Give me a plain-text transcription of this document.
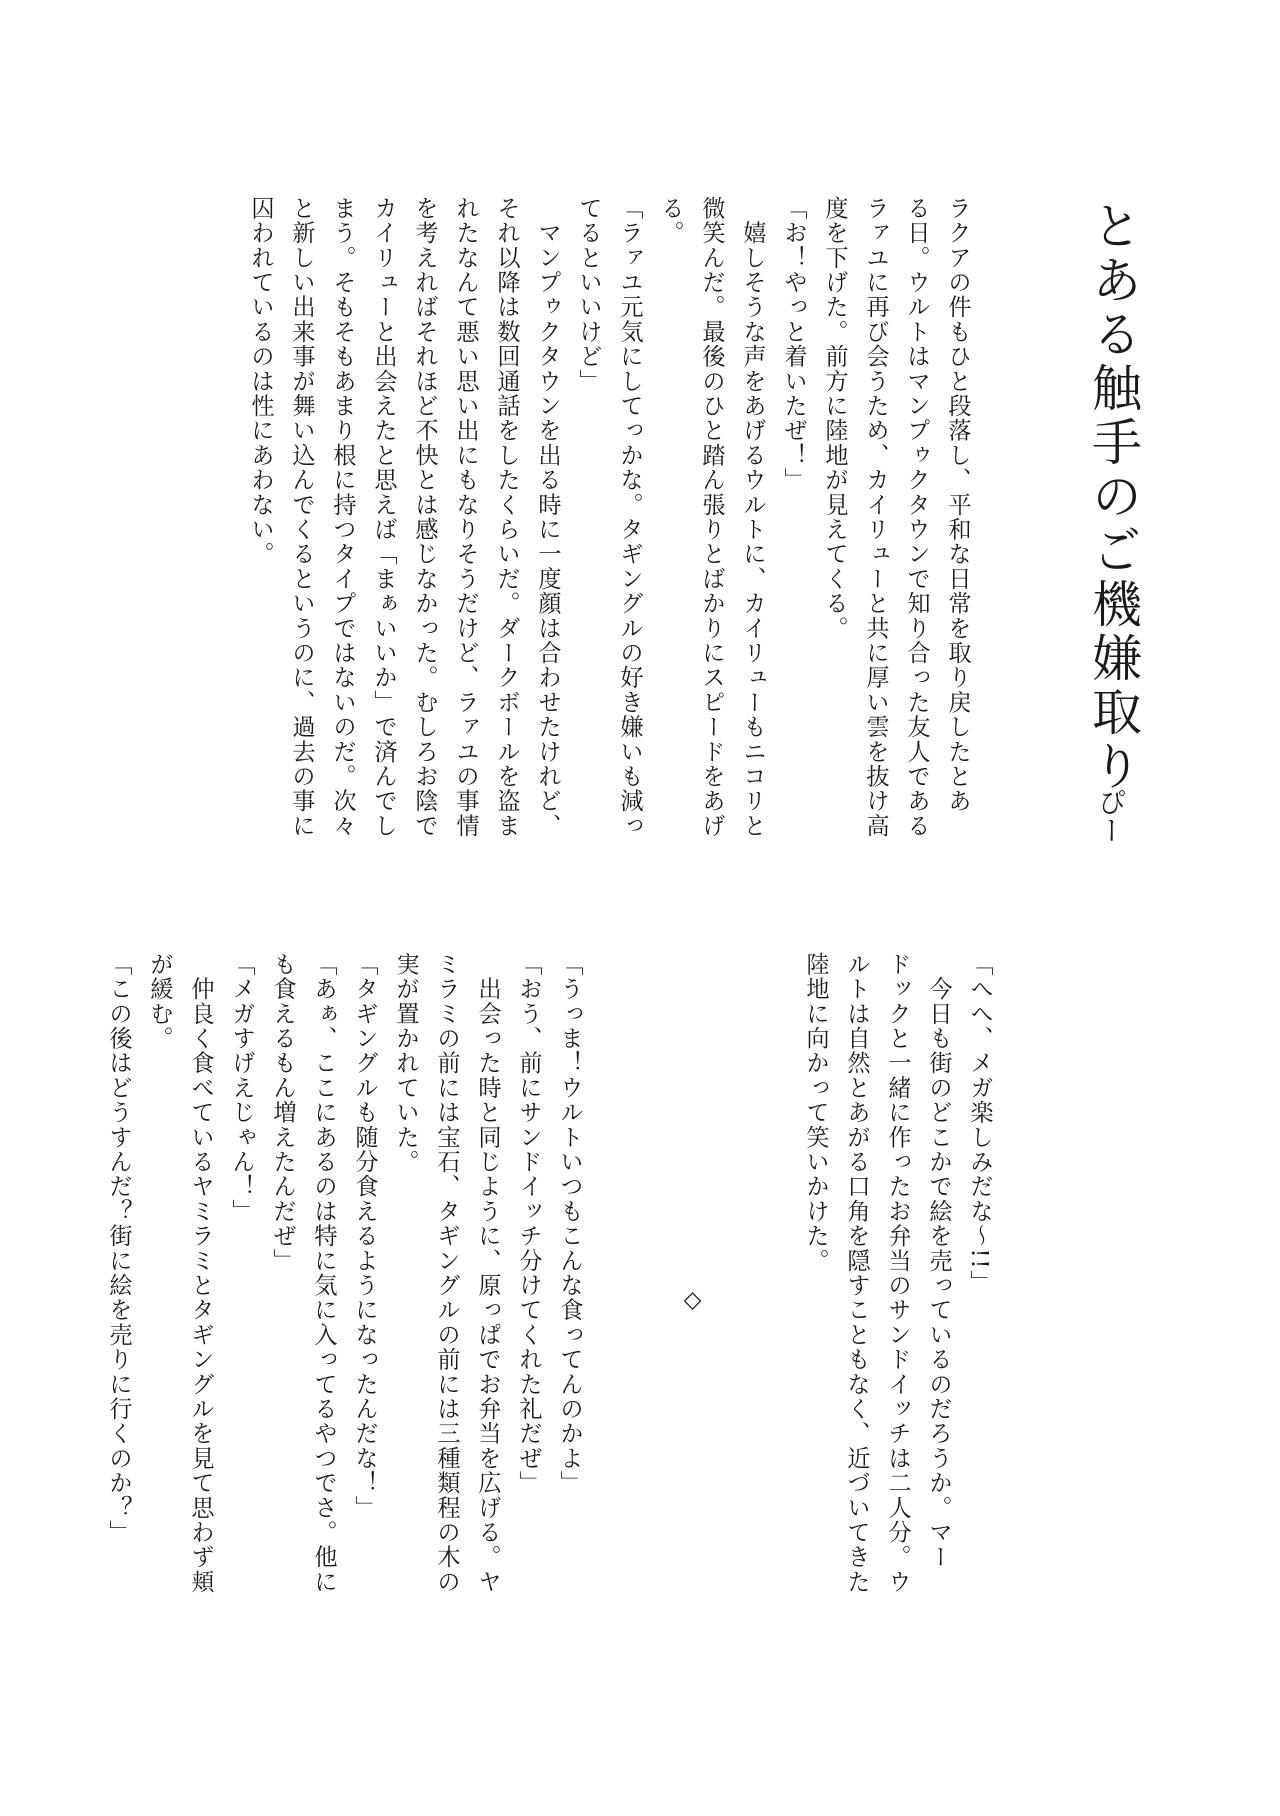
とある触手のご機嫌取り

ぴー

ラクアの件もひと段落し、平和な日常を取り戻したとあ
る日。ウルトはマンプゥクタウンで知り合った友人である
ラァユに再び会うため、カイリューと共に厚い雲を抜け高
度を下げた。前方に陸地が見えてくる。
「お！やっと着いたぜ！」
　嬉しそうな声をあげるウルトに、カイリューもニコリと
微笑んだ。最後のひと踏ん張りとばかりにスピードをあげ
る。
「ラァユ元気にしてっかな。タギングルの好き嫌いも減っ
てるといいけど」
　マンプゥクタウンを出る時に一度顔は合わせたけれど、
それ以降は数回通話をしたくらいだ。ダークボールを盗ま
れたなんて悪い思い出にもなりそうだけど、ラァユの事情
を考えればそれほど不快とは感じなかった。むしろお陰で
カイリューと出会えたと思えば「まぁいいか」で済んでし
まう。そもそもあまり根に持つタイプではないのだ。次々
と新しい出来事が舞い込んでくるというのに、過去の事に
囚われているのは性にあわない。
「へへ、メガ楽しみだな〜!!」
　今日も街のどこかで絵を売っているのだろうか。マー
ドックと一緒に作ったお弁当のサンドイッチは二人分。ウ
ルトは自然とあがる口角を隠すこともなく、近づいてきた
陸地に向かって笑いかけた。
◇
「うっま！ウルトいつもこんな食ってんのかよ」
「おう、前にサンドイッチ分けてくれた礼だぜ」
　出会った時と同じように、原っぱでお弁当を広げる。ヤ
ミラミの前には宝石、タギングルの前には三種類程の木の
実が置かれていた。
「タギングルも随分食えるようになったんだな！」
「あぁ、ここにあるのは特に気に入ってるやつでさ。他に
も食えるもん増えたんだぜ」
「メガすげえじゃん！」
　仲良く食べているヤミラミとタギングルを見て思わず頬
が緩む。
「この後はどうすんだ？街に絵を売りに行くのか？」
